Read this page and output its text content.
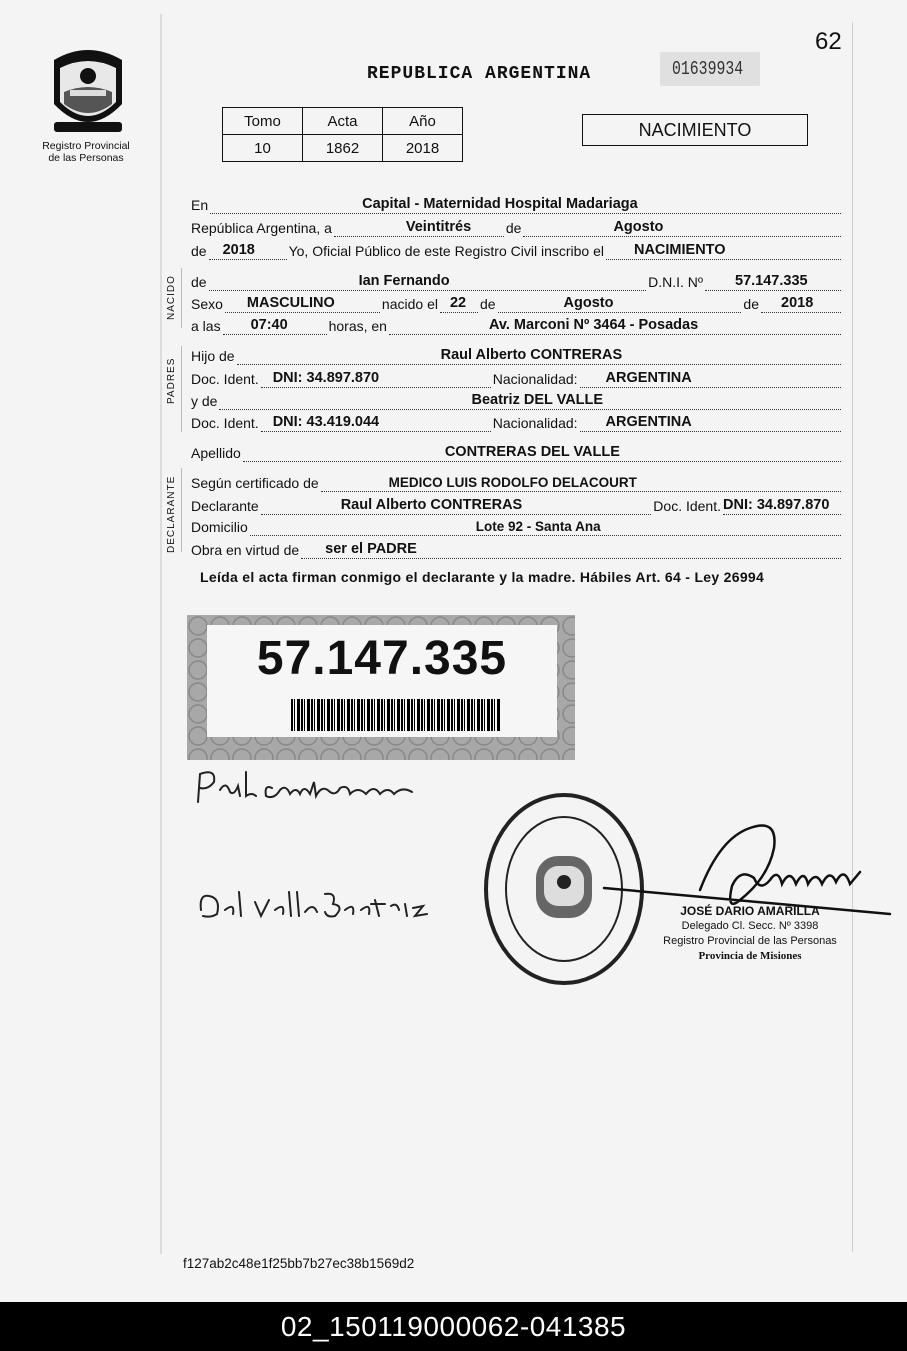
62
Registro Provincial
de las Personas
REPUBLICA ARGENTINA	01639934
Tomo	Acta	Año
10	1862	2018
NACIMIENTO
En	Capital - Maternidad Hospital Madariaga
República Argentina, a	Veintitrés de	Agosto
de 2018 Yo, Oficial Público de este Registro Civil inscribo el NACIMIENTO
de	Ian Fernando	D.N.I. Nº 57.147.335
Sexo MASCULINO	nacido el 22 de	Agosto	de 2018
a las 07:40	horas, en	Av. Marconi Nº 3464 - Posadas
Hijo de	Raul Alberto CONTRERAS
Doc. Ident. DNI: 34.897.870	Nacionalidad: ARGENTINA
y de	Beatriz DEL VALLE
Doc. Ident. DNI: 43.419.044	Nacionalidad: ARGENTINA
Apellido	CONTRERAS DEL VALLE
Según certificado de	MEDICO LUIS RODOLFO DELACOURT
Declarante	Raul Alberto CONTRERAS	Doc. Ident. DNI: 34.897.870
Domicilio	Lote 92 - Santa Ana
Obra en virtud de ser el PADRE
NACIDO
PADRES
DECLARANTE
Leída el acta firman conmigo el declarante y la madre. Hábiles Art. 64 - Ley 26994
57.147.335
JOSÉ DARIO AMARILLA
Delegado Cl. Secc. Nº 3398
Registro Provincial de las Personas
Provincia de Misiones
f127ab2c48e1f25bb7b27ec38b1569d2
02_150119000062-041385
